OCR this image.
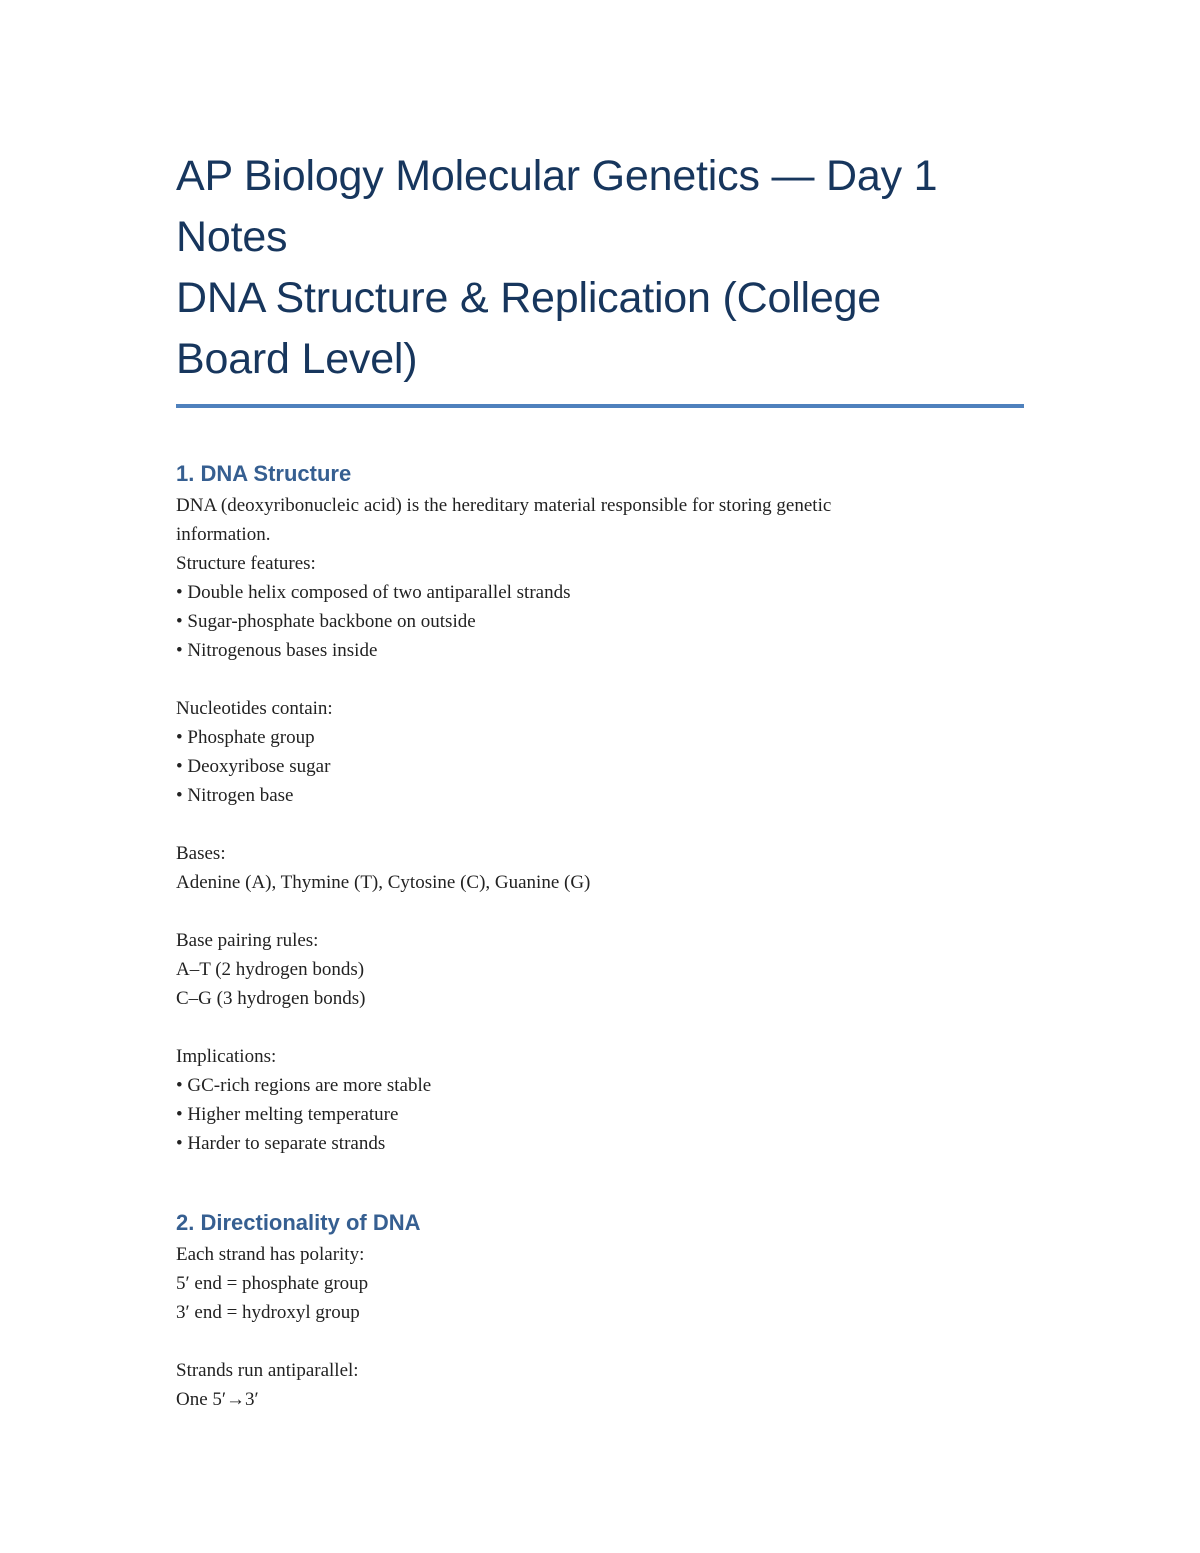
AP Biology Molecular Genetics — Day 1
Notes
DNA Structure & Replication (College
Board Level)
1. DNA Structure
DNA (deoxyribonucleic acid) is the hereditary material responsible for storing genetic
information.
Structure features:
• Double helix composed of two antiparallel strands
• Sugar-phosphate backbone on outside
• Nitrogenous bases inside
Nucleotides contain:
• Phosphate group
• Deoxyribose sugar
• Nitrogen base
Bases:
Adenine (A), Thymine (T), Cytosine (C), Guanine (G)
Base pairing rules:
A–T (2 hydrogen bonds)
C–G (3 hydrogen bonds)
Implications:
• GC-rich regions are more stable
• Higher melting temperature
• Harder to separate strands
2. Directionality of DNA
Each strand has polarity:
5′ end = phosphate group
3′ end = hydroxyl group
Strands run antiparallel:
One 5′→3′
